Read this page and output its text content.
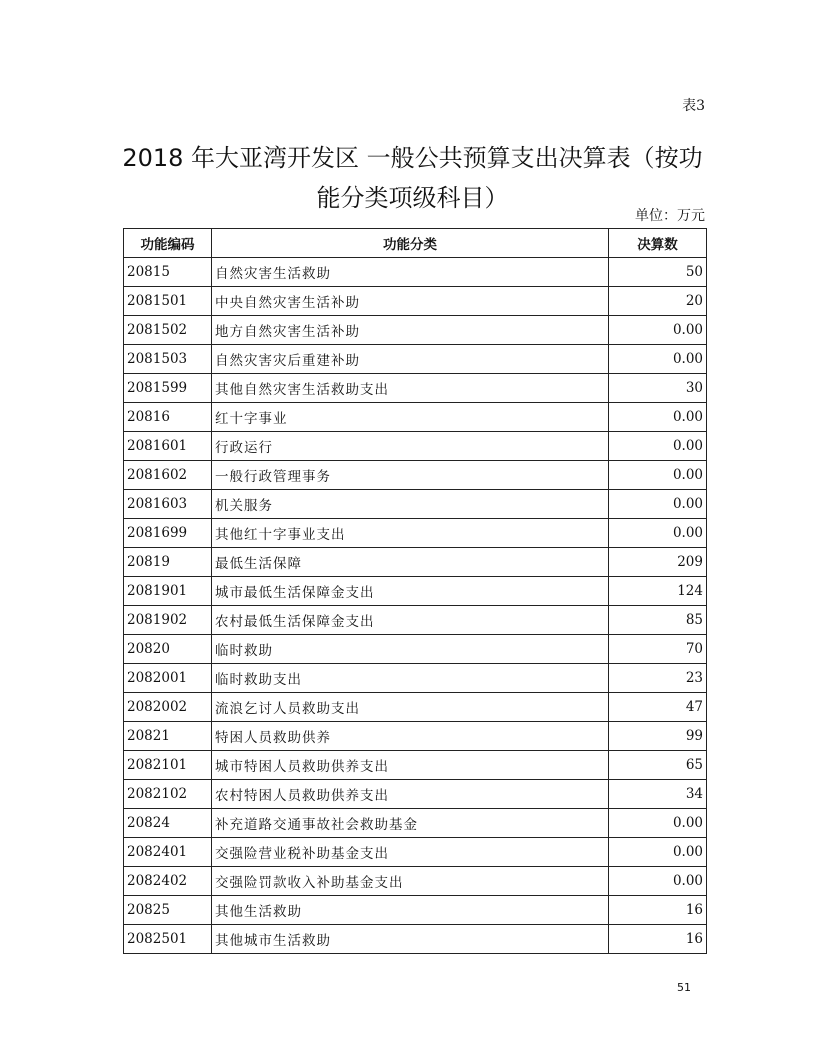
表3
2018 年大亚湾开发区 一般公共预算支出决算表（按功
能分类项级科目）
单位：万元
功能编码	功能分类	决算数
20815	自然灾害生活救助	50
2081501	中央自然灾害生活补助	20
2081502	地方自然灾害生活补助	0.00
2081503	自然灾害灾后重建补助	0.00
2081599	其他自然灾害生活救助支出	30
20816	红十字事业	0.00
2081601	行政运行	0.00
2081602	一般行政管理事务	0.00
2081603	机关服务	0.00
2081699	其他红十字事业支出	0.00
20819	最低生活保障	209
2081901	城市最低生活保障金支出	124
2081902	农村最低生活保障金支出	85
20820	临时救助	70
2082001	临时救助支出	23
2082002	流浪乞讨人员救助支出	47
20821	特困人员救助供养	99
2082101	城市特困人员救助供养支出	65
2082102	农村特困人员救助供养支出	34
20824	补充道路交通事故社会救助基金	0.00
2082401	交强险营业税补助基金支出	0.00
2082402	交强险罚款收入补助基金支出	0.00
20825	其他生活救助	16
2082501	其他城市生活救助	16
51
